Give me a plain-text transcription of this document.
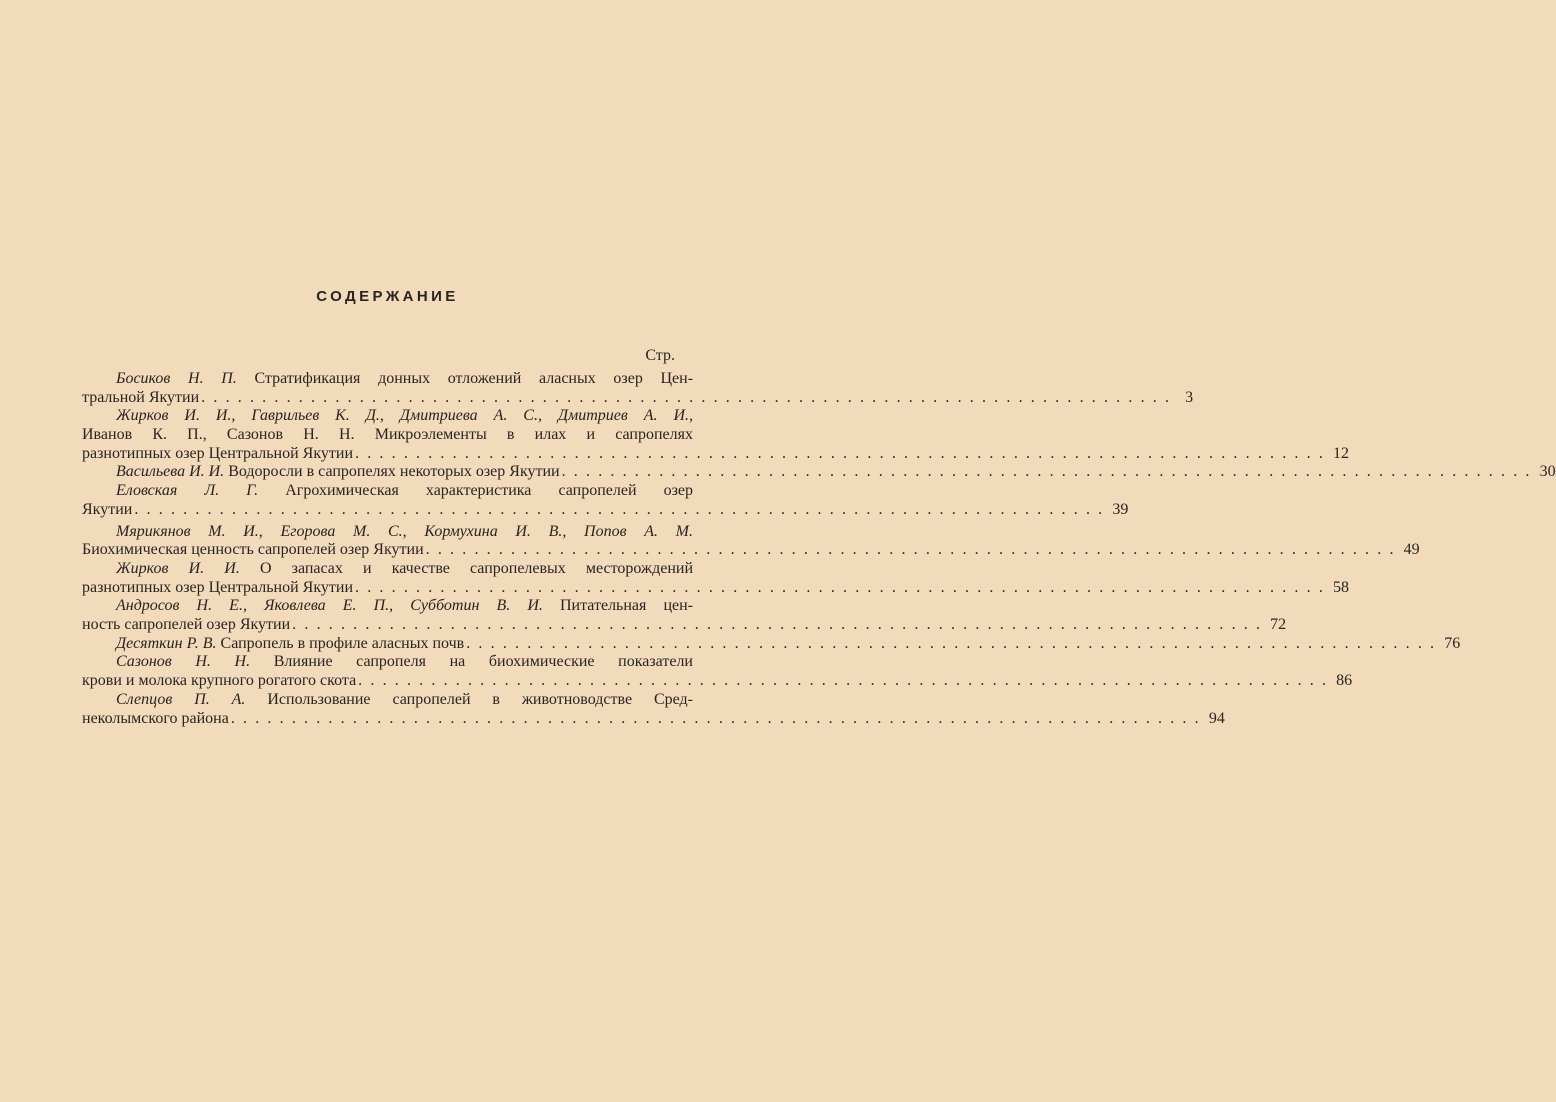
СОДЕРЖАНИЕ
Стр.
Босиков Н. П. Стратификация донных отложений аласных озер Цен-
тральной Якутии ................................................................................ 3
Жирков И. И., Гаврильев К. Д., Дмитриева А. С., Дмитриев А. И.,
Иванов К. П., Сазонов Н. Н. Микроэлементы в илах и сапропелях
разнотипных озер Центральной Якутии ................................................................................ 12
Васильева И. И. Водоросли в сапропелях некоторых озер Якутии ................................................................................ 30
Еловская Л. Г. Агрохимическая характеристика сапропелей озер
Якутии ................................................................................ 39
Мярикянов М. И., Егорова М. С., Кормухина И. В., Попов А. М.
Биохимическая ценность сапропелей озер Якутии ................................................................................ 49
Жирков И. И. О запасах и качестве сапропелевых месторождений
разнотипных озер Центральной Якутии ................................................................................ 58
Андросов Н. Е., Яковлева Е. П., Субботин В. И. Питательная цен-
ность сапропелей озер Якутии ................................................................................ 72
Десяткин Р. В. Сапропель в профиле аласных почв ................................................................................ 76
Сазонов Н. Н. Влияние сапропеля на биохимические показатели
крови и молока крупного рогатого скота ................................................................................ 86
Слепцов П. А. Использование сапропелей в животноводстве Сред-
неколымского района ................................................................................ 94
